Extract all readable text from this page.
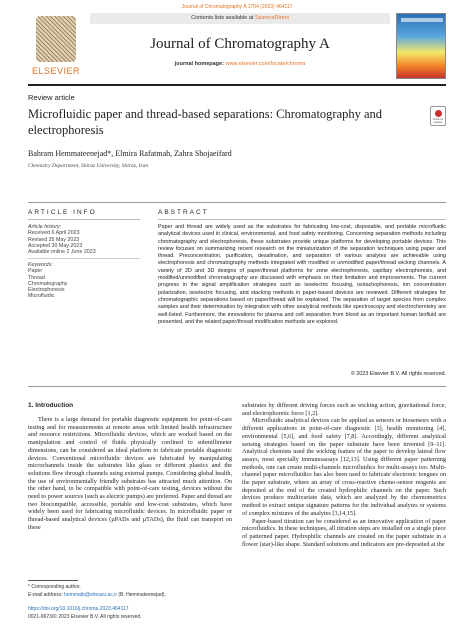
Journal of Chromatography A 1704 (2023) 464117
ELSEVIER
Contents lists available at ScienceDirect
Journal of Chromatography A
journal homepage: www.elsevier.com/locate/chroma
Review article
Microfluidic paper and thread-based separations: Chromatography and electrophoresis
Check for updates
Bahram Hemmateenejad*, Elmira Rafatmah, Zahra Shojaeifard
Chemistry Department, Shiraz University, Shiraz, Iran
ARTICLE INFO	ABSTRACT
Article history:
Received 6 April 2023
Revised 25 May 2023
Accepted 30 May 2023
Available online 2 June 2023
Keywords:
Paper
Thread
Chromatography
Electrophoresis
Microfluidic
Paper and thread are widely used as the substrates for fabricating low-cost, disposable, and portable microfluidic analytical devices used in clinical, environmental, and food safety monitoring. Concerning separation methods including chromatography and electrophoresis, these substrates provide unique platforms for developing portable devices. This review focuses on summarizing recent research on the miniaturization of the separation techniques using paper and thread. Preconcentration, purification, desalination, and separation of various analytes are achievable using electrophoresis and chromatography methods integrated with modified or unmodified paper/thread wicking channels. A variety of 2D and 3D designs of paper/thread platforms for zone electrophoresis, capillary electrophoresis, and modified/unmodified chromatography are discussed with emphasis on their limitation and improvements. The current progress in the signal amplification strategies such as isoelectric focusing, isotachophoresis, ion concentration polarization, isoelectric focusing, and stacking methods in paper-based devices are reviewed. Different strategies for chromatographic separations based on paper/thread will be explained. The separation of target species from complex samples and their determination by integration with other analytical methods like spectroscopy and electrochemistry are well-listed. Furthermore, the innovations for plasma and cell separation from blood as an important human biofluid are presented, and the related paper/thread modification methods are explored.
© 2023 Elsevier B.V. All rights reserved.
1. Introduction

There is a large demand for portable diagnostic equipment for point-of-care testing and for measurements at remote areas with limited health infrastructure and resource restrictions. Microfluidic devices, which are worked based on the manipulation and control of fluids physically confined to submillimeter dimensions, can be considered an ideal platform to fabricate portable diagnostic devices. Conventional microfluidic devices are fabricated by manipulating microchannels inside the substrates like glass or different plastics and the solutions flow through channels using external pumps. Considering global health, the use of environmentally friendly substrates has attracted much attention. On the other hand, to be compatible with point-of-care testing, devices without the need to power sources (such as electric pumps) are preferred. Paper and thread are two biocompatible, accessible, portable and low-cost substrates, which have widely been used for fabricating microfluidic devices. In microfluidic paper or thread-based analytical devices (µPADs and µTADs), the fluid can transport on these

substrates by different driving forces such as wicking action, gravitational force, and electrophoretic force [1,2].

Microfluidic analytical devices can be applied as sensors or biosensors with a different applications in point-of-care diagnostic [3], health monitoring [4], environmental [5,6], and food safety [7,8]. Accordingly, different analytical sensing strategies based on the paper substrate have been invented [9–11]. Analytical chemists used the wicking feature of the paper to develop lateral flow assays, most specially immunoassays [12,13]. Using different paper patterning methods, one can create multi-channels microfluidics for multi-assays too. Multi-channel paper microfluidics has also been used to fabricate electronic tongues on the paper substrate, where an array of cross-reactive chemo-sensor reagents are deposited at the end of the created hydrophilic channels on the paper. Such devices produce multivariate data, which are analyzed by the chemometrics method to extract unique signature patterns for the individual analytes or systems of complex mixtures of the analytes [3,14,15].

Paper-based titration can be considered as an innovative application of paper microfluidics. In these techniques, all titration steps are installed on a single piece of patterned paper. Hydrophilic channels are created on the paper substrate in a flower (star)-like shape. Standard solutions and indicators are pre-deposited at the

* Corresponding author.
E-mail address: hemmatb@shirazu.ac.ir (B. Hemmateenejad).
https://doi.org/10.1016/j.chroma.2023.464117
0021-9673/© 2023 Elsevier B.V. All rights reserved.
